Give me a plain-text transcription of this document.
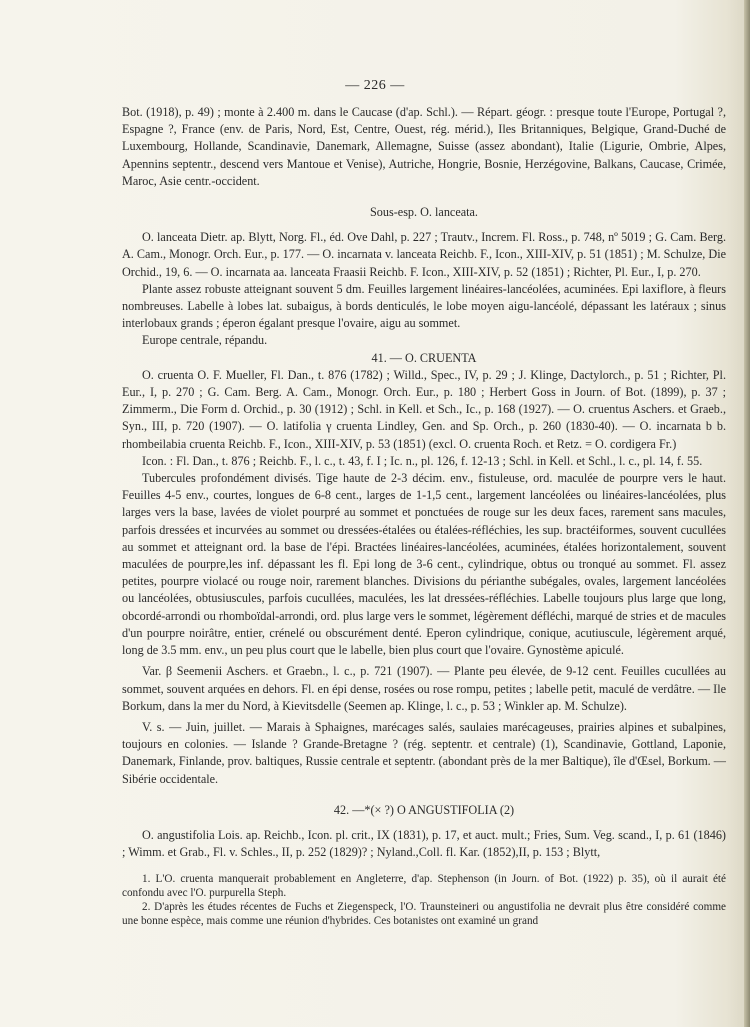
— 226 —

Bot. (1918), p. 49) ; monte à 2.400 m. dans le Caucase (d'ap. Schl.). — Répart. géogr. : presque toute l'Europe, Portugal ?, Espagne ?, France (env. de Paris, Nord, Est, Centre, Ouest, rég. mérid.), Iles Britanniques, Belgique, Grand-Duché de Luxembourg, Hollande, Scandinavie, Danemark, Allemagne, Suisse (assez abondant), Italie (Ligurie, Ombrie, Alpes, Apennins septentr., descend vers Mantoue et Venise), Autriche, Hongrie, Bosnie, Herzégovine, Balkans, Caucase, Crimée, Maroc, Asie centr.-occident.

Sous-esp. O. lanceata.

O. lanceata Dietr. ap. Blytt, Norg. Fl., éd. Ove Dahl, p. 227 ; Trautv., Increm. Fl. Ross., p. 748, nº 5019 ; G. Cam. Berg. A. Cam., Monogr. Orch. Eur., p. 177. — O. incarnata v. lanceata Reichb. F., Icon., XIII-XIV, p. 51 (1851) ; M. Schulze, Die Orchid., 19, 6. — O. incarnata aa. lanceata Fraasii Reichb. F. Icon., XIII-XIV, p. 52 (1851) ; Richter, Pl. Eur., I, p. 270.

Plante assez robuste atteignant souvent 5 dm. Feuilles largement linéaires-lancéolées, acuminées. Epi laxiflore, à fleurs nombreuses. Labelle à lobes lat. subaigus, à bords denticulés, le lobe moyen aigu-lancéolé, dépassant les latéraux ; sinus interlobaux grands ; éperon égalant presque l'ovaire, aigu au sommet.

Europe centrale, répandu.

41. — O. CRUENTA

O. cruenta O. F. Mueller, Fl. Dan., t. 876 (1782) ; Willd., Spec., IV, p. 29 ; J. Klinge, Dactylorch., p. 51 ; Richter, Pl. Eur., I, p. 270 ; G. Cam. Berg. A. Cam., Monogr. Orch. Eur., p. 180 ; Herbert Goss in Journ. of Bot. (1899), p. 37 ; Zimmerm., Die Form d. Orchid., p. 30 (1912) ; Schl. in Kell. et Sch., Ic., p. 168 (1927). — O. cruentus Aschers. et Graeb., Syn., III, p. 720 (1907). — O. latifolia γ cruenta Lindley, Gen. and Sp. Orch., p. 260 (1830-40). — O. incarnata b b. rhombeilabia cruenta Reichb. F., Icon., XIII-XIV, p. 53 (1851) (excl. O. cruenta Roch. et Retz. = O. cordigera Fr.)

Icon. : Fl. Dan., t. 876 ; Reichb. F., l. c., t. 43, f. I ; Ic. n., pl. 126, f. 12-13 ; Schl. in Kell. et Schl., l. c., pl. 14, f. 55.

Tubercules profondément divisés. Tige haute de 2-3 décim. env., fistuleuse, ord. maculée de pourpre vers le haut. Feuilles 4-5 env., courtes, longues de 6-8 cent., larges de 1-1,5 cent., largement lancéolées ou linéaires-lancéolées, plus larges vers la base, lavées de violet pourpré au sommet et ponctuées de rouge sur les deux faces, rarement sans macules, parfois dressées et incurvées au sommet ou dressées-étalées ou étalées-réfléchies, les sup. bractéiformes, souvent cucullées au sommet et atteignant ord. la base de l'épi. Bractées linéaires-lancéolées, acuminées, étalées horizontalement, souvent maculées de pourpre,les inf. dépassant les fl. Epi long de 3-6 cent., cylindrique, obtus ou tronqué au sommet. Fl. assez petites, pourpre violacé ou rouge noir, rarement blanches. Divisions du périanthe subégales, ovales, largement lancéolées ou lancéolées, obtusiuscules, parfois cucullées, maculées, les lat dressées-réfléchies. Labelle toujours plus large que long, obcordé-arrondi ou rhomboïdal-arrondi, ord. plus large vers le sommet, légèrement défléchi, marqué de stries et de macules d'un pourpre noirâtre, entier, crénelé ou obscurément denté. Eperon cylindrique, conique, acutiuscule, légèrement arqué, long de 3.5 mm. env., un peu plus court que le labelle, bien plus court que l'ovaire. Gynostème apiculé.

Var. β Seemenii Aschers. et Graebn., l. c., p. 721 (1907). — Plante peu élevée, de 9-12 cent. Feuilles cucullées au sommet, souvent arquées en dehors. Fl. en épi dense, rosées ou rose rompu, petites ; labelle petit, maculé de verdâtre. — Ile Borkum, dans la mer du Nord, à Kievitsdelle (Seemen ap. Klinge, l. c., p. 53 ; Winkler ap. M. Schulze).

V. s. — Juin, juillet. — Marais à Sphaignes, marécages salés, saulaies marécageuses, prairies alpines et subalpines, toujours en colonies. — Islande ? Grande-Bretagne ? (rég. septentr. et centrale) (1), Scandinavie, Gottland, Laponie, Danemark, Finlande, prov. baltiques, Russie centrale et septentr. (abondant près de la mer Baltique), île d'Œsel, Borkum. — Sibérie occidentale.

42. —*(× ?) O ANGUSTIFOLIA (2)

O. angustifolia Lois. ap. Reichb., Icon. pl. crit., IX (1831), p. 17, et auct. mult.; Fries, Sum. Veg. scand., I, p. 61 (1846) ; Wimm. et Grab., Fl. v. Schles., II, p. 252 (1829)? ; Nyland.,Coll. fl. Kar. (1852),II, p. 153 ; Blytt,

1. L'O. cruenta manquerait probablement en Angleterre, d'ap. Stephenson (in Journ. of Bot. (1922) p. 35), où il aurait été confondu avec l'O. purpurella Steph.

2. D'après les études récentes de Fuchs et Ziegenspeck, l'O. Traunsteineri ou angustifolia ne devrait plus être considéré comme une bonne espèce, mais comme une réunion d'hybrides. Ces botanistes ont examiné un grand
